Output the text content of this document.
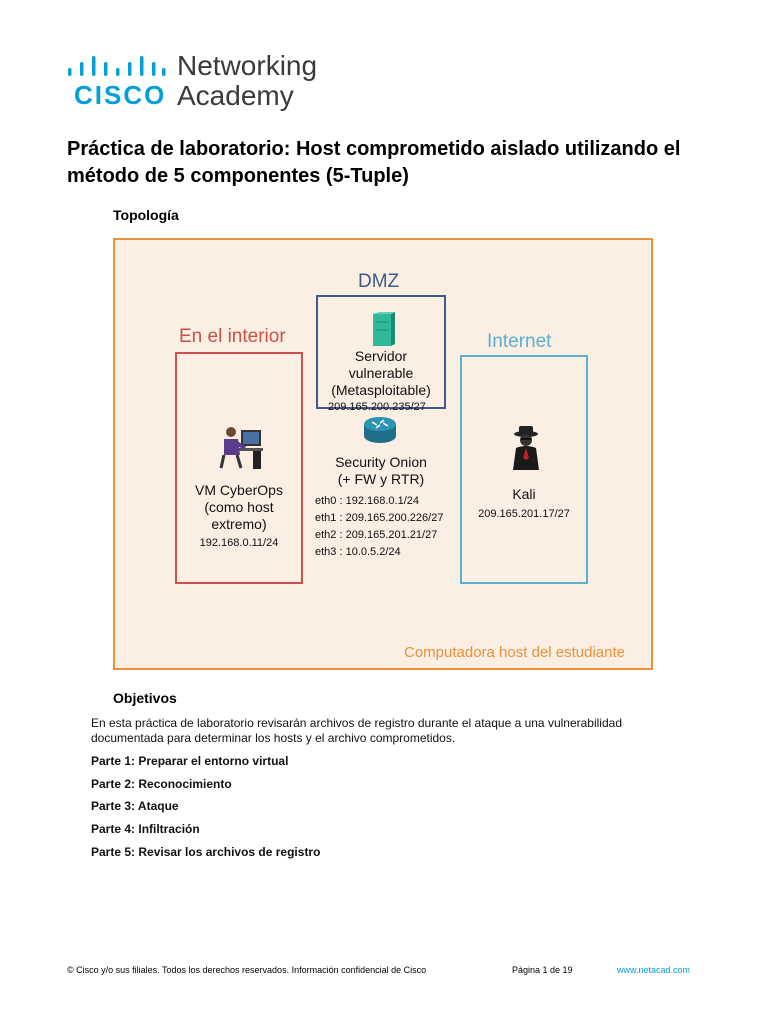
CISCO
Networking
Academy
Práctica de laboratorio: Host comprometido aislado utilizando el método de 5 componentes (5-Tuple)
Topología
DMZ
En el interior	Internet
Servidor
vulnerable
(Metasploitable)
209.165.200.235/27
Security Onion
(+ FW y RTR)
eth0 : 192.168.0.1/24
eth1 : 209.165.200.226/27
eth2 : 209.165.201.21/27
eth3 : 10.0.5.2/24
VM CyberOps
(como host
extremo)
192.168.0.11/24
Kali
209.165.201.17/27
Computadora host del estudiante
Objetivos
En esta práctica de laboratorio revisarán archivos de registro durante el ataque a una vulnerabilidad documentada para determinar los hosts y el archivo comprometidos.
Parte 1: Preparar el entorno virtual
Parte 2: Reconocimiento
Parte 3: Ataque
Parte 4: Infiltración
Parte 5: Revisar los archivos de registro
© Cisco y/o sus filiales. Todos los derechos reservados. Información confidencial de Cisco	Página 1 de 19	www.netacad.com
